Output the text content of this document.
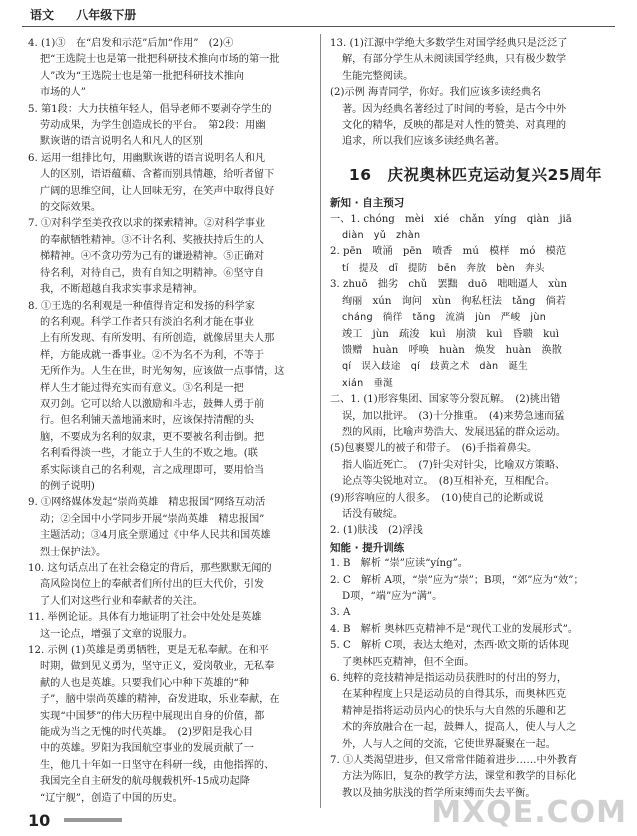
语文 八年级下册
4. (1)③　在“启发和示范”后加“作用”　(2)④
把“王选院士也是第一批把科研技术推向市场的第一批
人”改为“王选院士也是第一批把科研技术推向
市场的人”
5. 第1段：大力扶植年轻人，倡导老师不要剥夺学生的
劳动成果，为学生创造成长的平台。　第2段：用幽
默诙谐的语言说明名人和凡人的区别
6. 运用一组排比句，用幽默诙谐的语言说明名人和凡
人的区别，语语蕴藉、含蓄而别具情趣，给听者留下
广阔的思维空间，让人回味无穷，在笑声中取得良好
的交际效果。
7. ①对科学至美孜孜以求的探索精神。②对科学事业
的奉献牺牲精神。③不计名利、奖掖扶持后生的人
梯精神。④不贪功劳为己有的谦逊精神。⑤正确对
待名利，对待自己，贵有自知之明精神。⑥坚守自
我，不断超越自我求实事求是精神。
8. ①王选的名利观是一种值得肯定和发扬的科学家
的名利观。科学工作者只有淡泊名利才能在事业
上有所发现、有所发明、有所创造，就像居里夫人那
样，方能成就一番事业。②不为名不为利，不等于
无所作为。人生在世，时光匆匆，应该做一点事情，这
样人生才能过得充实而有意义。③名利是一把
双刃剑。它可以给人以激励和斗志，鼓舞人勇于前
行。但名利铺天盖地涌来时，应该保持清醒的头
脑，不要成为名利的奴隶，更不要被名利击倒。把
名利看得淡一些，才能立于人生的不败之地。(联
系实际谈自己的名利观，言之成理即可，要用恰当
的例子说明)
9. ①网络媒体发起“崇尚英雄　精忠报国”网络互动活
动；②全国中小学同步开展“崇尚英雄　精忠报国”
主题活动；③4月底全票通过《中华人民共和国英雄
烈士保护法》。
10. 这句话点出了在社会稳定的背后，那些默默无闻的
高风险岗位上的奉献者们所付出的巨大代价，引发
了人们对这些行业和奉献者的关注。
11. 举例论证。具体有力地证明了社会中处处是英雄
这一论点，增强了文章的说服力。
12. 示例 (1)英雄是勇勇牺牲，更是无私奉献。在和平
时期，做到见义勇为，坚守正义，爱岗敬业，无私奉
献的人也是英雄。只要我们心中种下英雄的“种
子”，脑中崇尚英雄的精神，奋发进取，乐业奉献，在
实现“中国梦”的伟大历程中展现出自身的价值，都
能成为当之无愧的时代英雄。　(2)罗阳是我心目
中的英雄。罗阳为我国航空事业的发展贡献了一
生，他几十年如一日坚守在科研一线，由他指挥的、
我国完全自主研发的航母舰载机歼-15成功起降
“辽宁舰”，创造了中国的历史。
13. (1)江源中学绝大多数学生对国学经典只是泛泛了
解，有部分学生从未阅读国学经典，只有极少数学
生能完整阅读。
(2)示例 海青同学，你好。我们应该多读经典名
著。因为经典名著经过了时间的考验，是古今中外
文化的精华，反映的都是对人性的赞美、对真理的
追求，所以我们应该多读经典名著。
16　庆祝奥林匹克运动复兴25周年
新知 · 自主预习
一、1. chóng　mèi　xié　chǎn　yíng　qiàn　jiā
diàn　yǔ　zhàn
2. pēn　喷涌　pēn　喷香　mú　模样　mó　模范
tí　提及　dī　提防　bēn　奔放　bèn　奔头
3. zhuō　拙劣　chǔ　罢黜　duō　咄咄逼人　xùn
绚丽　xún　询问　xùn　徇私枉法　tǎng　倘若
cháng　徜徉　tǎng　流淌　jùn　严峻　jùn
竣工　jùn　疏浚　kuì　崩溃　kuì　昏聩　kuì
馈赠　huàn　呼唤　huàn　焕发　huàn　涣散
qí　误入歧途　qí　歧黄之术　dàn　诞生
xián　垂涎
二、1. (1)形容集团、国家等分裂瓦解。　(2)挑出错
误，加以批评。　(3)十分推重。　(4)来势急速而猛
烈的风雨，比喻声势浩大、发展迅猛的群众运动。
(5)包裹婴儿的被子和带子。　(6)手指着鼻尖。
指人临近死亡。　(7)针尖对针尖，比喻双方策略、
论点等尖锐地对立。　(8)互相补充，互相配合。
(9)形容响应的人很多。　(10)使自己的论断或说
话没有破绽。
2. (1)肤浅　(2)浮浅
知能 · 提升训练
1. B　解析 “崇”应读“yíng”。
2. C　解析 A项，“崇”应为“崇”；B项，“郊”应为“效”；
D项，“端”应为“满”。
3. A
4. B　解析 奥林匹克精神不是“现代工业的发展形式”。
5. C　解析 C项，表达太绝对，杰西·欧文斯的话体现
了奥林匹克精神，但不全面。
6. 纯粹的竞技精神是指运动员获胜时的付出的努力，
在某种程度上只是运动员的自得其乐，而奥林匹克
精神是指将运动员内心的快乐与大自然的乐趣和艺
术的奔放融合在一起，鼓舞人，提高人，使人与人之
外，人与人之间的交流，它使世界凝聚在一起。
7. ①人类渴望进步，但又常常伴随着进步……中外教育
方法为陈旧，复杂的教学方法，课堂和教学的目标化
教以及抽劣肤浅的哲学所束缚而失去平衡。
10	MXQE.COM
